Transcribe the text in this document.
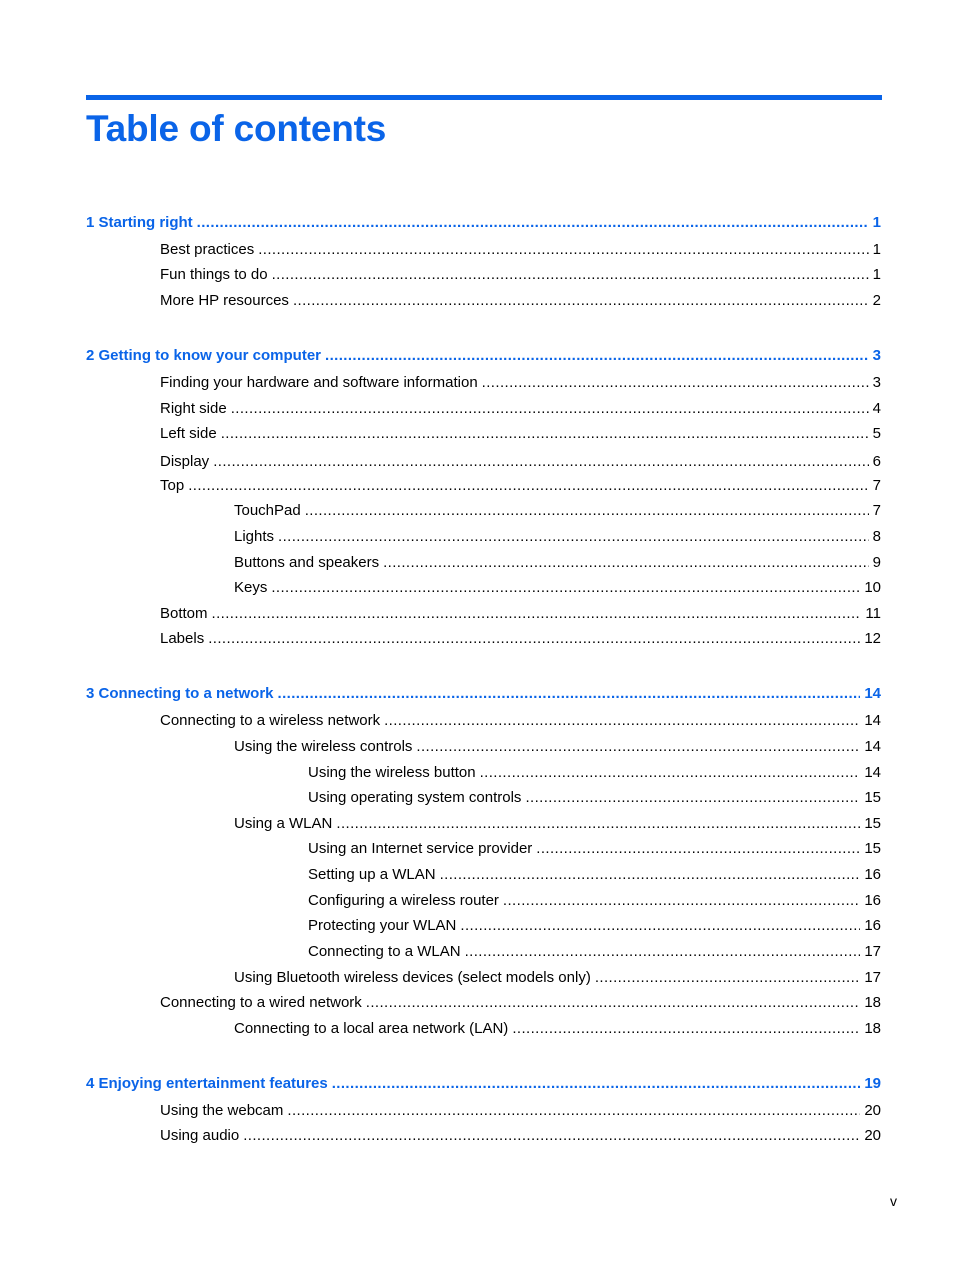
Table of contents
1 Starting right .....	1
Best practices .....	1
Fun things to do .....	1
More HP resources .....	2
2 Getting to know your computer .....	3
Finding your hardware and software information .....	3
Right side .....	4
Left side .....	5
Display .....	6
Top .....	7
TouchPad .....	7
Lights .....	8
Buttons and speakers .....	9
Keys .....	10
Bottom .....	11
Labels .....	12
3 Connecting to a network .....	14
Connecting to a wireless network .....	14
Using the wireless controls .....	14
Using the wireless button .....	14
Using operating system controls .....	15
Using a WLAN .....	15
Using an Internet service provider .....	15
Setting up a WLAN .....	16
Configuring a wireless router .....	16
Protecting your WLAN .....	16
Connecting to a WLAN .....	17
Using Bluetooth wireless devices (select models only) .....	17
Connecting to a wired network .....	18
Connecting to a local area network (LAN) .....	18
4 Enjoying entertainment features .....	19
Using the webcam .....	20
Using audio .....	20
v
